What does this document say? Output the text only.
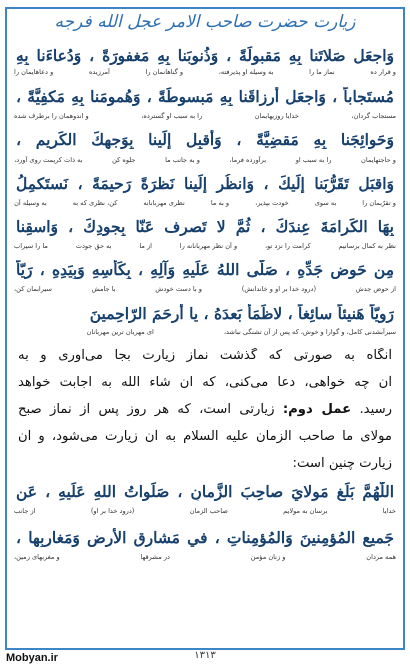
زیارت حضرت صاحب الامر عجل الله فرجه
وَاجعَل صَلاتَنا بِهِ مَقبولَةً ، وَذُنوبَنا بِهِ مَغفورَةً ، وَدُعاءَنا بِهِ
و قرار ده
نماز ما را
به وسیله او پذیرفته،
و گناهانمان را
آمرزیده
و دعاهایمان را
مُستَجاباً ، وَاجعَل أرزاقَنا بِهِ مَبسوطَةً ، وَهُمومَنا بِهِ مَكفِيَّةً ،
مستجاب گردان،
خدایا روزیهایمان
را به سبب او گسترده،
و اندوهمان را برطرف شده
وَحَوائِجَنا بِهِ مَقضِيَّةً ، وَأقبِل إلَينا بِوَجهِكَ الكَريمِ ،
و حاجتهایمان
را به سبب او
برآورده فرما،
و به جانب ما
جلوه کن
به ذات کریمت روی آورد،
وَاقبَل تَقَرُّبَنا إلَيكَ ، وَانظُر إلَينا نَظرَةً رَحيمَةً ، نَستَكمِلُ
و تقرّبمان را
به سوی
خودت بپذیر،
و به ما
نظری مهربانانه
کن، نظری که به
به وسیله آن
بِهَا الكَرامَةَ عِندَكَ ، ثُمَّ لا تَصرِف عَنّا بِجودِكَ ، وَاسقِنا
نظر به کمال برسانیم
کرامت را نزد تو،
و آن نظر مهربانانه را
از ما
به حق جودت
ما را سیراب
مِن حَوضِ جَدِّهِ ، صَلَّى اللهُ عَلَيهِ وَآلِهِ ، بِكَأسِهِ وَبِيَدِهِ ، رَيّاً
از حوض جدش
(درود خدا بر او و خاندانش)
و با دست خودش
با جامش
سیرابمان کن،
رَوِيّاً هَنيئاً سائِغاً ، لاظَمَأَ بَعدَهُ ، يا أرحَمَ الرّاحِمينَ
سیرآبشدنی کامل، و گوارا و خوش، که پس از آن تشنگی نباشد،
ای مهربان ترین مهربانان
آنگاه به صورتی که گذشت نماز زیارت بجا می‌آوری و به
آن چه خواهی، دعا می‌کنی، که ان شاء الله به اجابت خواهد
رسید. عمل دوم: زیارتی است، که هر روز پس از نماز صبح
مولای ما صاحب الزمان عليه السلام به آن زیارت می‌شود، و آن
زیارت چنین است:
اللّٰهُمَّ بَلِّغ مَولايَ صاحِبَ الزَّمانِ ، صَلَواتُ اللهِ عَلَيهِ ، عَن
خدایا
برسان به مولایم
صاحب الزمان
(درود خدا بر او)
از جانب
جَميعِ المُؤمِنينَ وَالمُؤمِناتِ ، في مَشارِقِ الأرضِ وَمَغارِبِها ،
همه مردان
و زنان مؤمن
در مشرقها
و مغربهای زمین،
١٣١٣
Mobyan.ir
